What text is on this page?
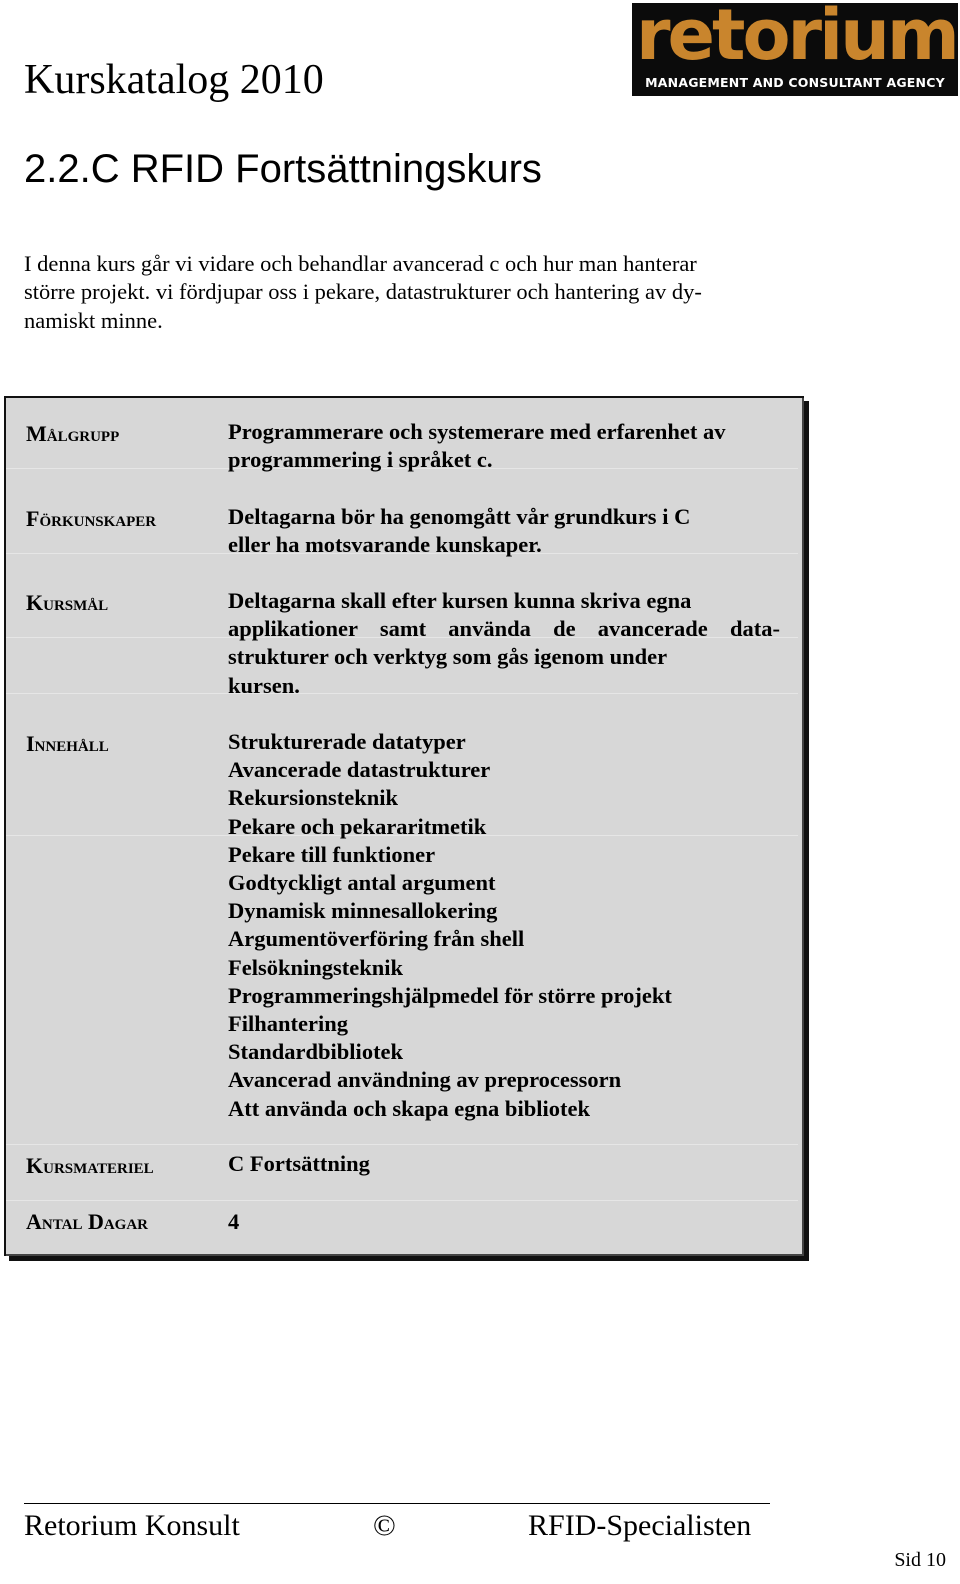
Kurskatalog 2010
retorium
MANAGEMENT AND CONSULTANT AGENCY
2.2.C RFID Fortsättningskurs
I denna kurs går vi vidare och behandlar avancerad c och hur man hanterar
större projekt. vi fördjupar oss i pekare, datastrukturer och hantering av dy-
namiskt minne.
Målgrupp	Programmerare och systemerare med erfarenhet av
programmering i språket c.
Förkunskaper	Deltagarna bör ha genomgått vår grundkurs i C
eller ha motsvarande kunskaper.
Kursmål	Deltagarna skall efter kursen kunna skriva egna
applikationer samt använda de avancerade data-
strukturer och verktyg som gås igenom under
kursen.
Innehåll	Strukturerade datatyper
Avancerade datastrukturer
Rekursionsteknik
Pekare och pekararitmetik
Pekare till funktioner
Godtyckligt antal argument
Dynamisk minnesallokering
Argumentöverföring från shell
Felsökningsteknik
Programmeringshjälpmedel för större projekt
Filhantering
Standardbibliotek
Avancerad användning av preprocessorn
Att använda och skapa egna bibliotek
Kursmateriel	C Fortsättning
Antal Dagar	4
Retorium Konsult	©	RFID-Specialisten
Sid 10
